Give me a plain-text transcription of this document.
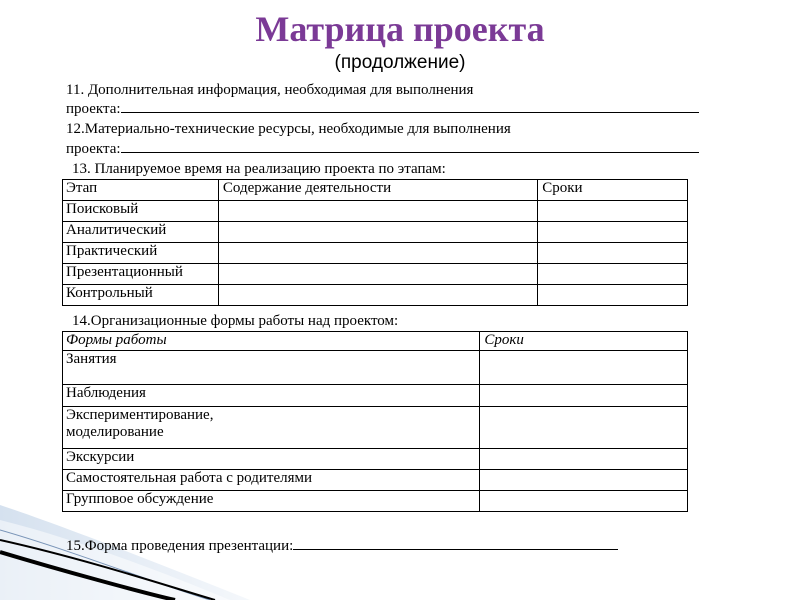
Матрица проекта
(продолжение)
11. Дополнительная информация, необходимая для выполнения
проекта:
12.Материально-технические ресурсы, необходимые для выполнения
проекта:
13. Планируемое время на реализацию проекта по этапам:
Этап	Содержание деятельности	Сроки
Поисковый		
Аналитический		
Практический		
Презентационный		
Контрольный		
14.Организационные формы работы над проектом:
Формы работы	Сроки
Занятия	
Наблюдения	

Экспериментирование,
моделирование	

Экскурсии	
Самостоятельная работа с родителями	
Групповое обсуждение	
15.Форма проведения презентации:
